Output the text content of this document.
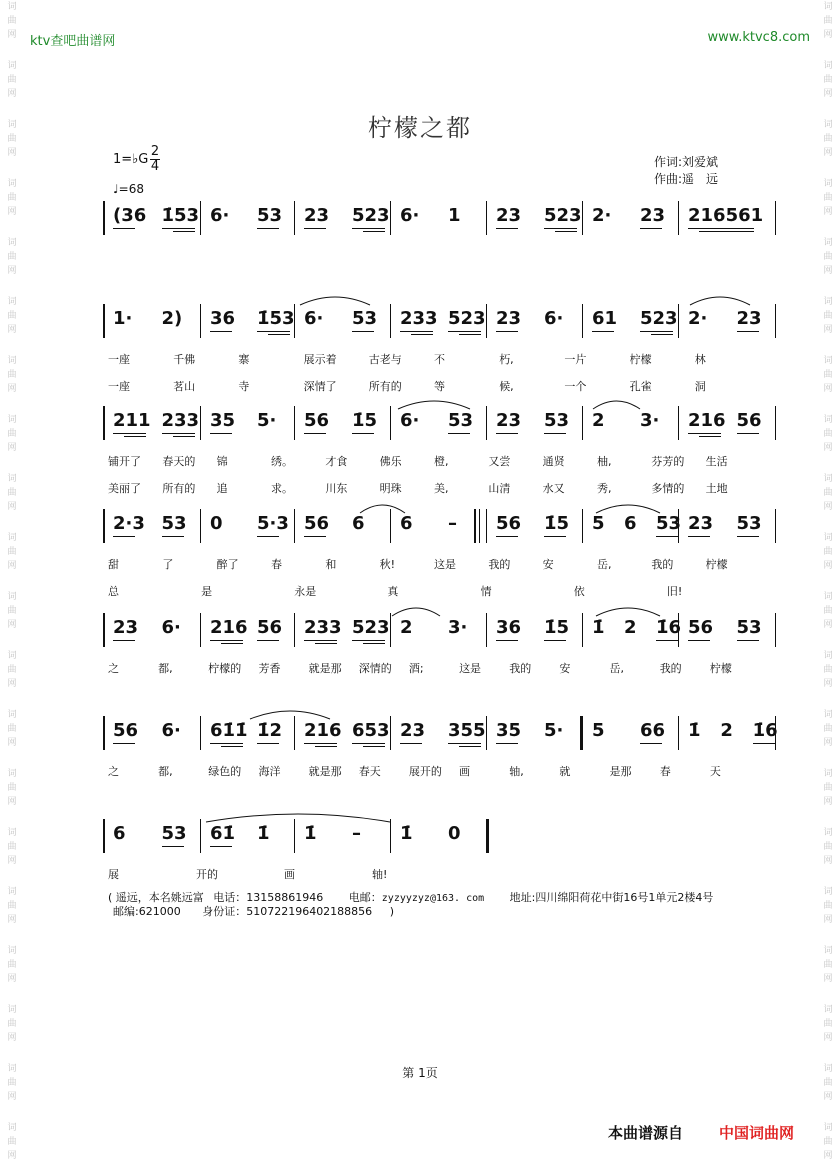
词
曲
网
词
曲
网
词
曲
网
词
曲
网
词
曲
网
词
曲
网
词
曲
网
词
曲
网
词
曲
网
词
曲
网
词
曲
网
词
曲
网
词
曲
网
词
曲
网
词
曲
网
词
曲
网
词
曲
网
词
曲
网
词
曲
网
词
曲
网
词
曲
网
词
曲
网
词
曲
网
词
曲
网
词
曲
网
词
曲
网
词
曲
网
词
曲
网
词
曲
网
词
曲
网
词
曲
网
词
曲
网
词
曲
网
词
曲
网
词
曲
网
词
曲
网
词
曲
网
词
曲
网
词
曲
网
词
曲
网
ktv查吧曲谱网	www.ktvc8.com
柠檬之都
1=♭G
2
4
♩=68
作词:刘爱斌
作曲:遥　远
(36 1̇53 6· 53 23 523 6· 1 23 523 2· 23 216561
1· 2) 36 1̇53 6· 53 233 523 23 6· 61 523 2· 23
一座	千佛	寨	展示着	古老与	不	朽,	一片	柠檬	林
一座	茗山	寺	深情了	所有的	等	候,	一个	孔雀	洞
211 233 35 5· 56 1̇5 6· 53 23 53 2 3· 216 56
铺开了 春天的 锦	绣。	才食	佛乐	橙,	又尝	通贤	柚,	芬芳的 生活
美丽了 所有的 追	求。	川东	明珠	美,	山清	水又	秀,	多情的 土地
2·3 53 0 5·3 56 6 6 – 56 1̇5 5 6 53 23 53
甜	了	醉了	春	和	秋!	这是	我的	安	岳,	我的	柠檬
总	是	永是	真	情	依	旧!
23 6· 216 56 233 523 2 3· 36 1̇5 1̇ 2 1̇6 56 53
之	都,	柠檬的 芳香	就是那 深情的 酒;	这是	我的	安	岳,	我的	柠檬
56 6· 61̇1̇ 1̇2 216 653 23 355 35 5· 5 66 1̇ 2 1̇6
之	都,	绿色的 海洋	就是那 春天	展开的 画	轴,	就	是那	春	天
6 53 61̇ 1̇ 1̇ – 1̇ 0
展	开的	画	轴!
( 遥远，本名姚远富 电话：13158861946 电邮：zyzyyzyz@163. com 地址:四川绵阳荷花中街16号1单元2楼4号
邮编:621000 身份证：510722196402188856 )
第 1页
本曲谱源自 中国词曲网
